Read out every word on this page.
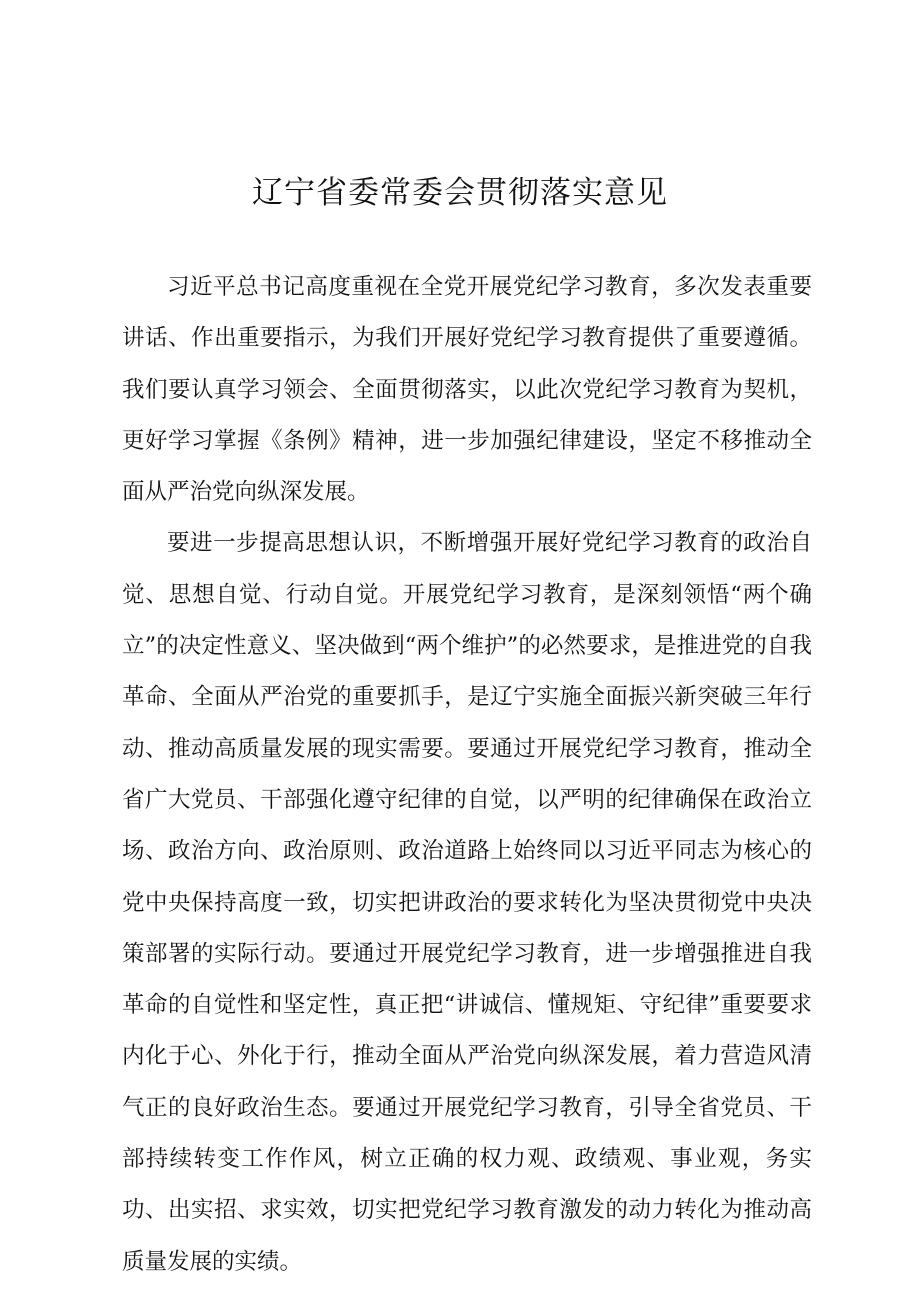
辽宁省委常委会贯彻落实意见

习近平总书记高度重视在全党开展党纪学习教育，多次发表重要讲话、作出重要指示，为我们开展好党纪学习教育提供了重要遵循。我们要认真学习领会、全面贯彻落实，以此次党纪学习教育为契机，更好学习掌握《条例》精神，进一步加强纪律建设，坚定不移推动全面从严治党向纵深发展。

要进一步提高思想认识，不断增强开展好党纪学习教育的政治自觉、思想自觉、行动自觉。开展党纪学习教育，是深刻领悟“两个确立”的决定性意义、坚决做到“两个维护”的必然要求，是推进党的自我革命、全面从严治党的重要抓手，是辽宁实施全面振兴新突破三年行动、推动高质量发展的现实需要。要通过开展党纪学习教育，推动全省广大党员、干部强化遵守纪律的自觉，以严明的纪律确保在政治立场、政治方向、政治原则、政治道路上始终同以习近平同志为核心的党中央保持高度一致，切实把讲政治的要求转化为坚决贯彻党中央决策部署的实际行动。要通过开展党纪学习教育，进一步增强推进自我革命的自觉性和坚定性，真正把“讲诚信、懂规矩、守纪律”重要要求内化于心、外化于行，推动全面从严治党向纵深发展，着力营造风清气正的良好政治生态。要通过开展党纪学习教育，引导全省党员、干部持续转变工作作风，树立正确的权力观、政绩观、事业观，务实功、出实招、求实效，切实把党纪学习教育激发的动力转化为推动高质量发展的实绩。
